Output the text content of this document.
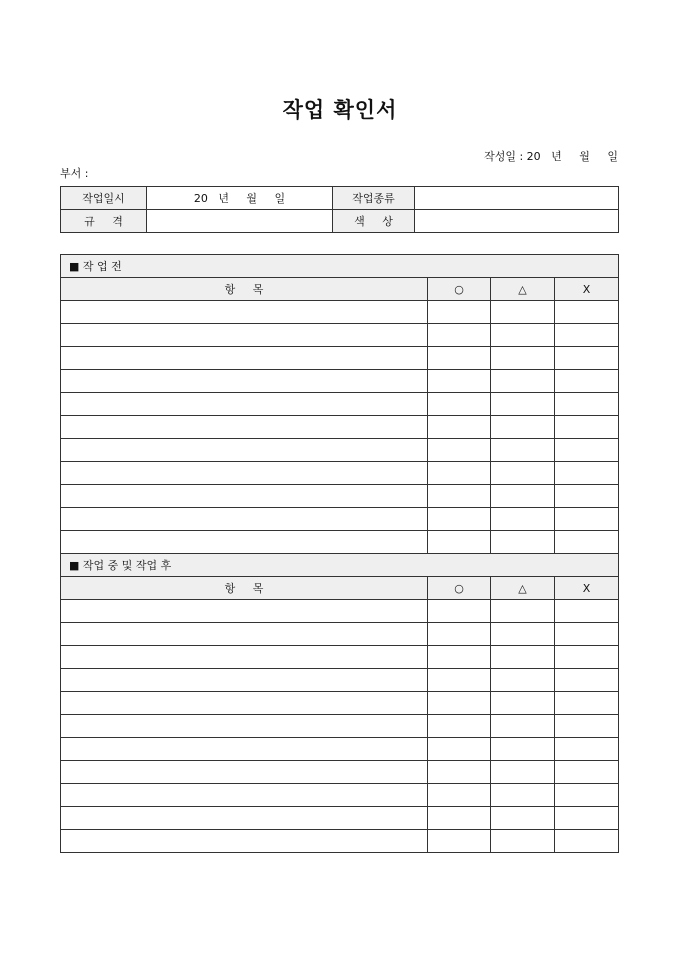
작업 확인서
작성일 : 20   년     월     일
부서 :
작업일시	20   년     월     일	작업종류	
규     격		색     상	
■ 작 업 전			
항     목	○	△	X

■ 작업 중 및 작업 후			
항     목	○	△	X
